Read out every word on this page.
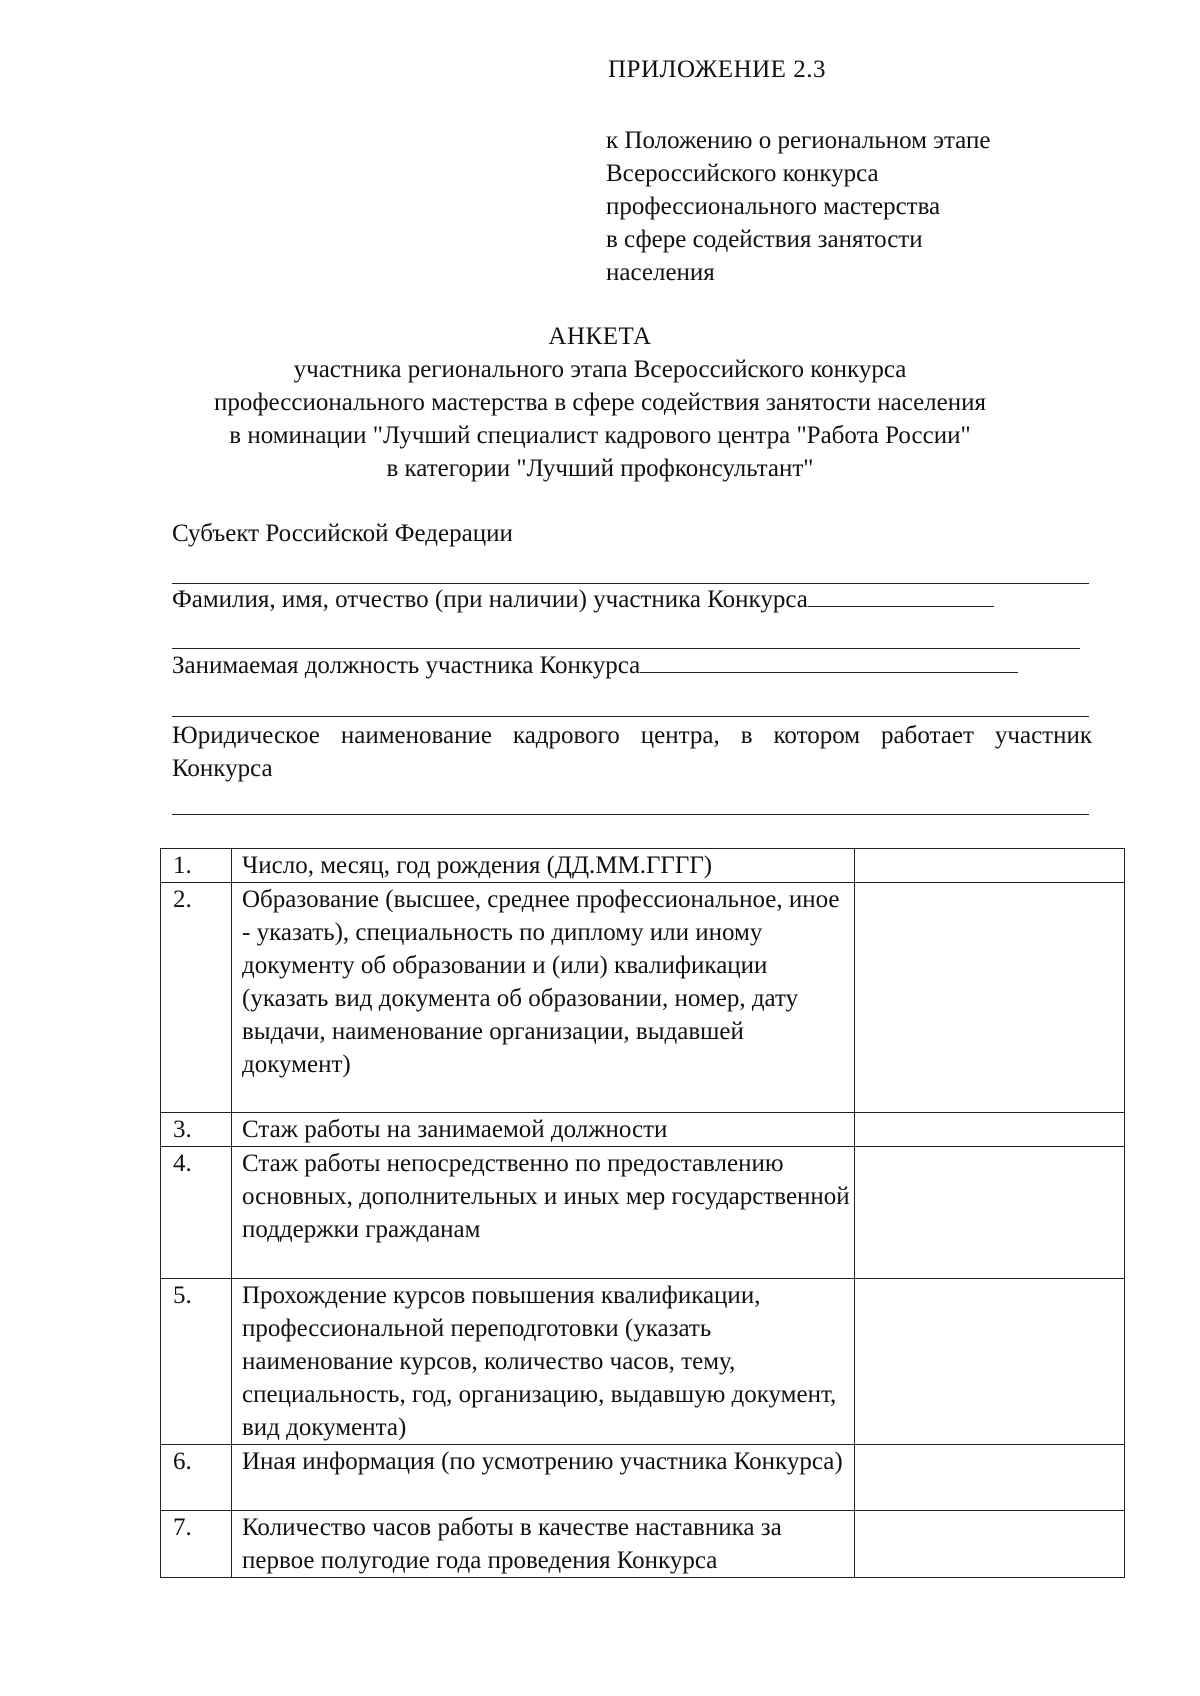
ПРИЛОЖЕНИЕ 2.3
к Положению о региональном этапе
Всероссийского конкурса
профессионального мастерства
в сфере содействия занятости
населения
АНКЕТА
участника регионального этапа Всероссийского конкурса
профессионального мастерства в сфере содействия занятости населения
в номинации "Лучший специалист кадрового центра "Работа России"
в категории "Лучший профконсультант"
Субъект Российской Федерации
Фамилия, имя, отчество (при наличии) участника Конкурса
Занимаемая должность участника Конкурса
Юридическое наименование кадрового центра, в котором работает участник Конкурса
1.	Число, месяц, год рождения (ДД.ММ.ГГГГ)	
2.	Образование (высшее, среднее профессиональное, иное - указать), специальность по диплому или иному документу об образовании и (или) квалификации (указать вид документа об образовании, номер, дату выдачи, наименование организации, выдавшей документ)	
3.	Стаж работы на занимаемой должности	
4.	Стаж работы непосредственно по предоставлению основных, дополнительных и иных мер государственной поддержки гражданам	
5.	Прохождение курсов повышения квалификации, профессиональной переподготовки (указать наименование курсов, количество часов, тему, специальность, год, организацию, выдавшую документ, вид документа)	
6.	Иная информация (по усмотрению участника Конкурса)	
7.	Количество часов работы в качестве наставника за первое полугодие года проведения Конкурса	
